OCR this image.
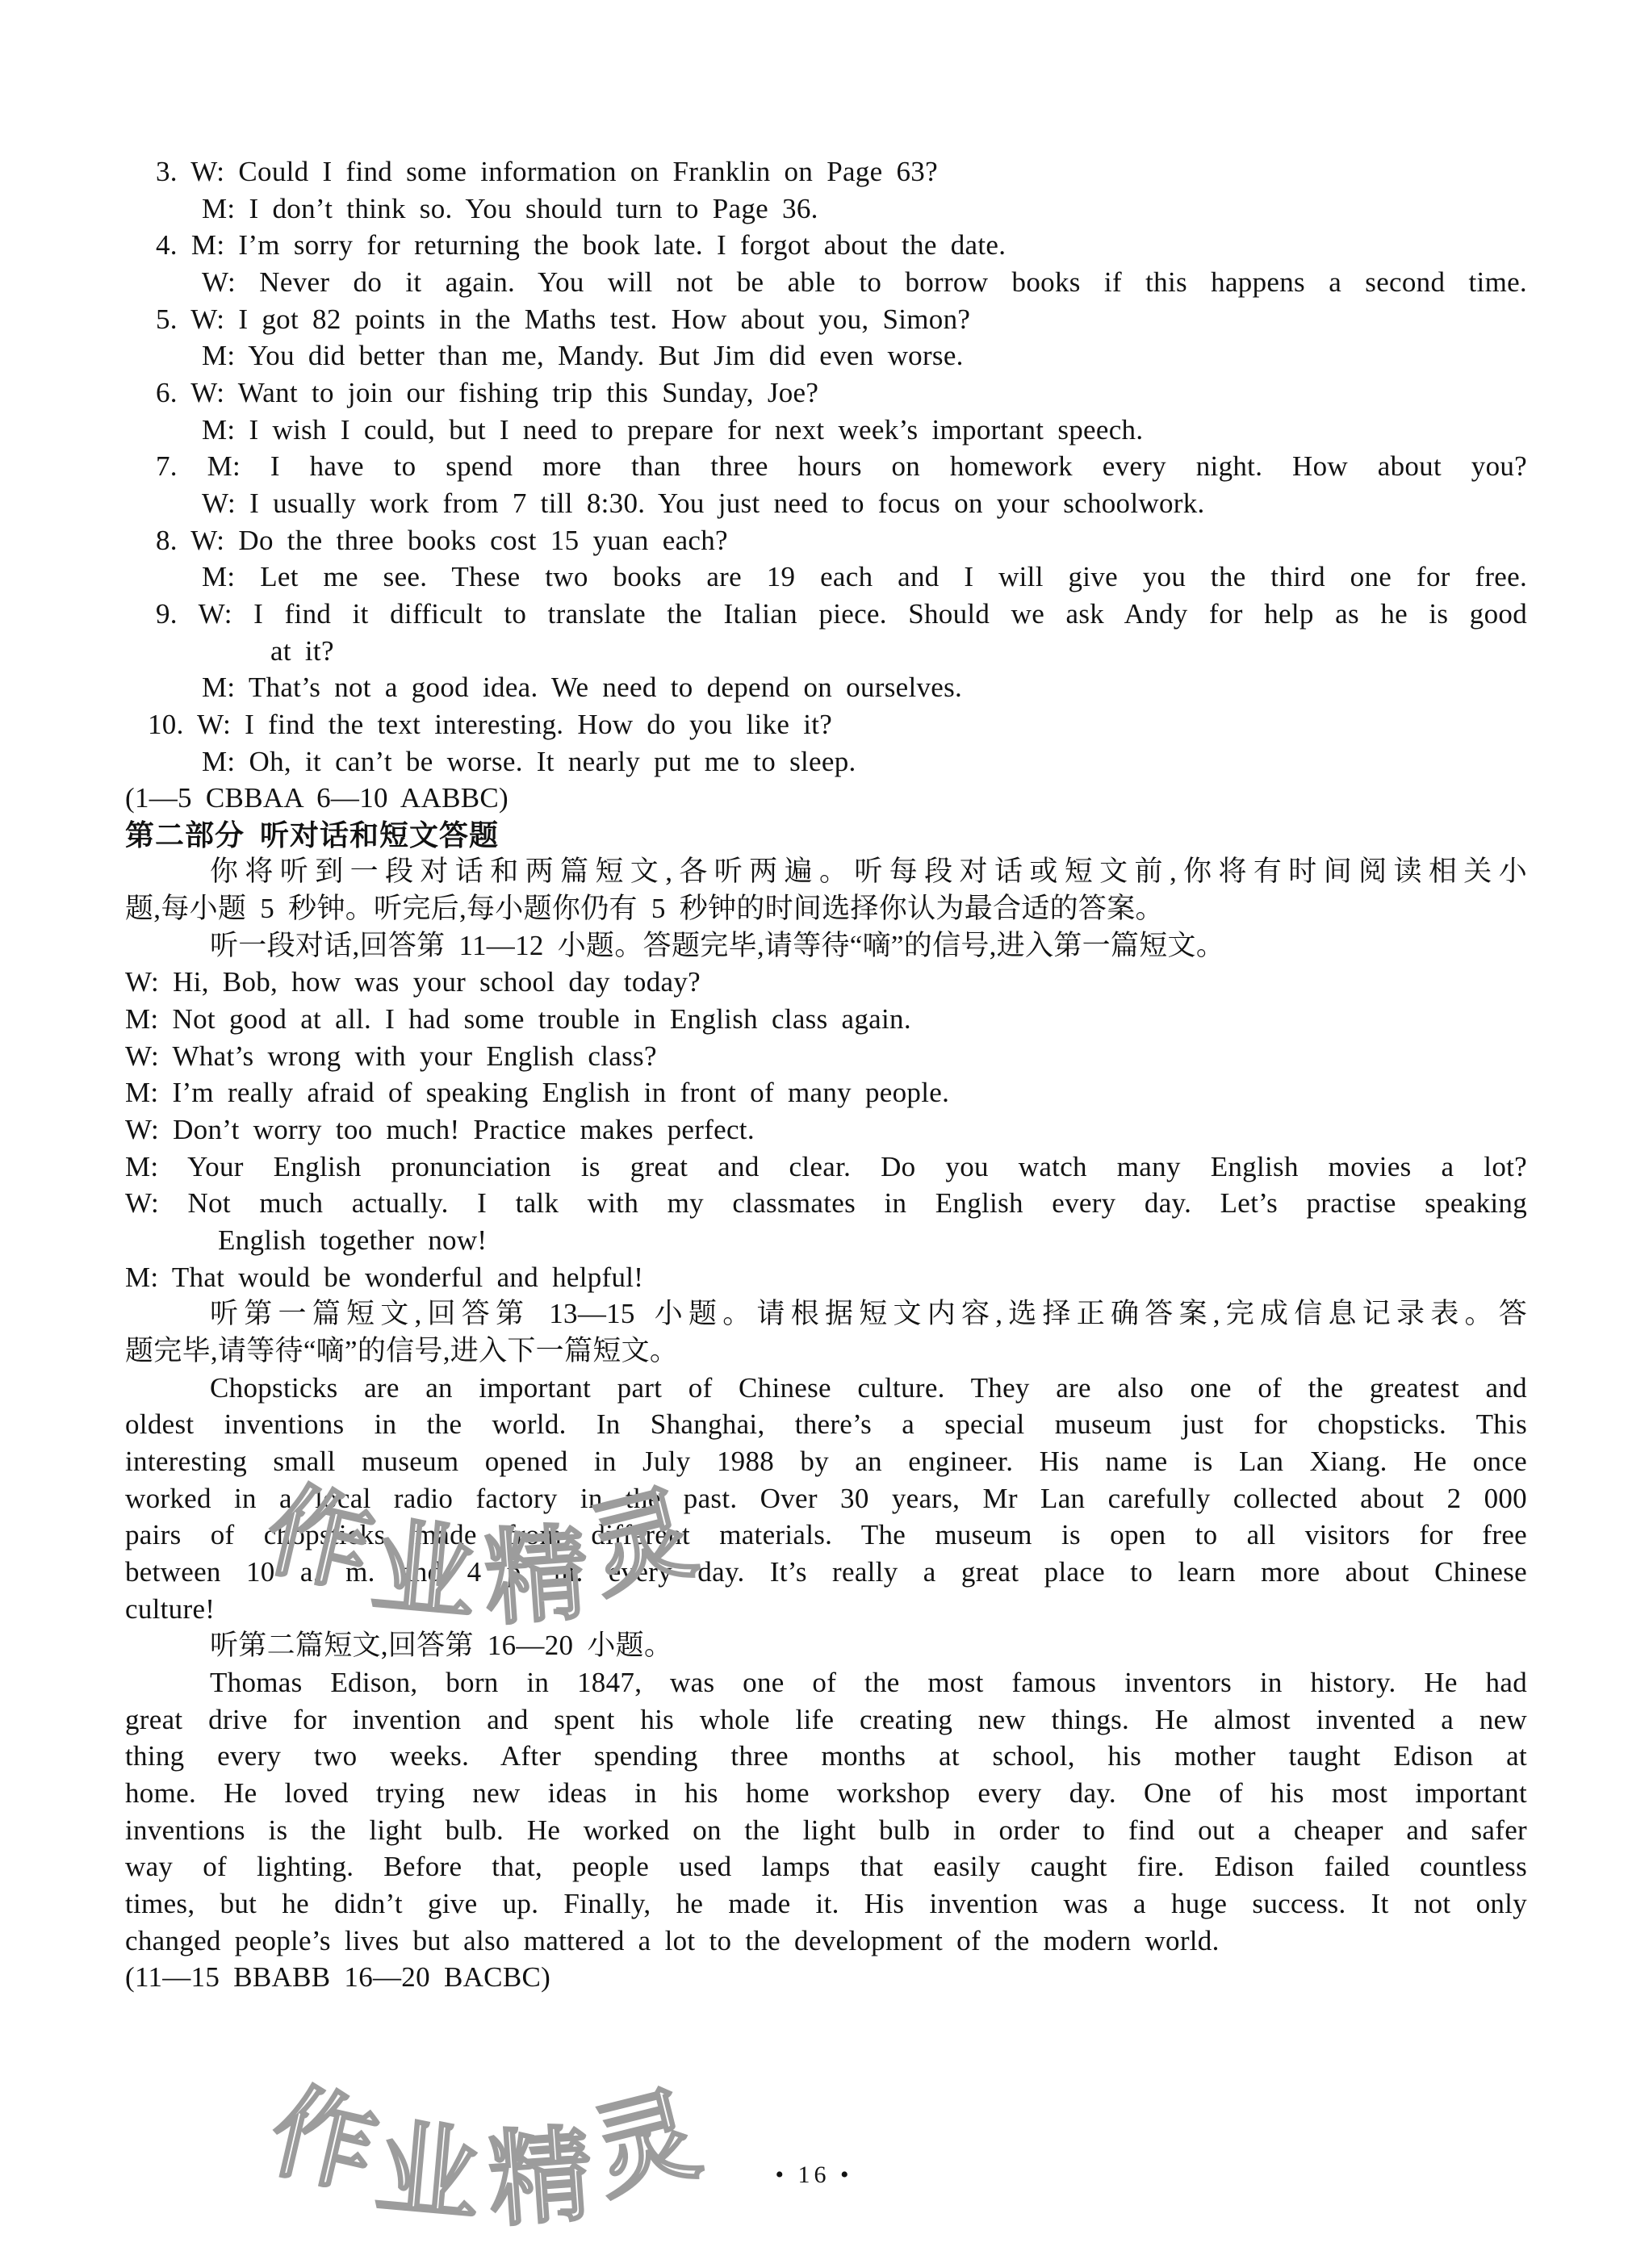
3. W: Could I find some information on Franklin on Page 63?
M: I don’t think so. You should turn to Page 36.
4. M: I’m sorry for returning the book late. I forgot about the date.
W: Never do it again. You will not be able to borrow books if this happens a second time.
5. W: I got 82 points in the Maths test. How about you, Simon?
M: You did better than me, Mandy. But Jim did even worse.
6. W: Want to join our fishing trip this Sunday, Joe?
M: I wish I could, but I need to prepare for next week’s important speech.
7. M: I have to spend more than three hours on homework every night. How about you?
W: I usually work from 7 till 8:30. You just need to focus on your schoolwork.
8. W: Do the three books cost 15 yuan each?
M: Let me see. These two books are 19 each and I will give you the third one for free.
9. W: I find it difficult to translate the Italian piece. Should we ask Andy for help as he is good
at it?
M: That’s not a good idea. We need to depend on ourselves.
10. W: I find the text interesting. How do you like it?
M: Oh, it can’t be worse. It nearly put me to sleep.
(1—5 CBBAA 6—10 AABBC)
第二部分 听对话和短文答题
你将听到一段对话和两篇短文,各听两遍。听每段对话或短文前,你将有时间阅读相关小
题,每小题 5 秒钟。听完后,每小题你仍有 5 秒钟的时间选择你认为最合适的答案。
听一段对话,回答第 11—12 小题。答题完毕,请等待“嘀”的信号,进入第一篇短文。
W: Hi, Bob, how was your school day today?
M: Not good at all. I had some trouble in English class again.
W: What’s wrong with your English class?
M: I’m really afraid of speaking English in front of many people.
W: Don’t worry too much! Practice makes perfect.
M: Your English pronunciation is great and clear. Do you watch many English movies a lot?
W: Not much actually. I talk with my classmates in English every day. Let’s practise speaking
English together now!
M: That would be wonderful and helpful!
听第一篇短文,回答第 13—15 小题。请根据短文内容,选择正确答案,完成信息记录表。答
题完毕,请等待“嘀”的信号,进入下一篇短文。
Chopsticks are an important part of Chinese culture. They are also one of the greatest and
oldest inventions in the world. In Shanghai, there’s a special museum just for chopsticks. This
interesting small museum opened in July 1988 by an engineer. His name is Lan Xiang. He once
worked in a local radio factory in the past. Over 30 years, Mr Lan carefully collected about 2 000
pairs of chopsticks made from different materials. The museum is open to all visitors for free
between 10 a. m. and 4 p. m. every day. It’s really a great place to learn more about Chinese
culture!
听第二篇短文,回答第 16—20 小题。
Thomas Edison, born in 1847, was one of the most famous inventors in history. He had
great drive for invention and spent his whole life creating new things. He almost invented a new
thing every two weeks. After spending three months at school, his mother taught Edison at
home. He loved trying new ideas in his home workshop every day. One of his most important
inventions is the light bulb. He worked on the light bulb in order to find out a cheaper and safer
way of lighting. Before that, people used lamps that easily caught fire. Edison failed countless
times, but he didn’t give up. Finally, he made it. His invention was a huge success. It not only
changed people’s lives but also mattered a lot to the development of the modern world.
(11—15 BBABB 16—20 BACBC)
作
业
精
灵
作
业
精
灵	• 16 •
